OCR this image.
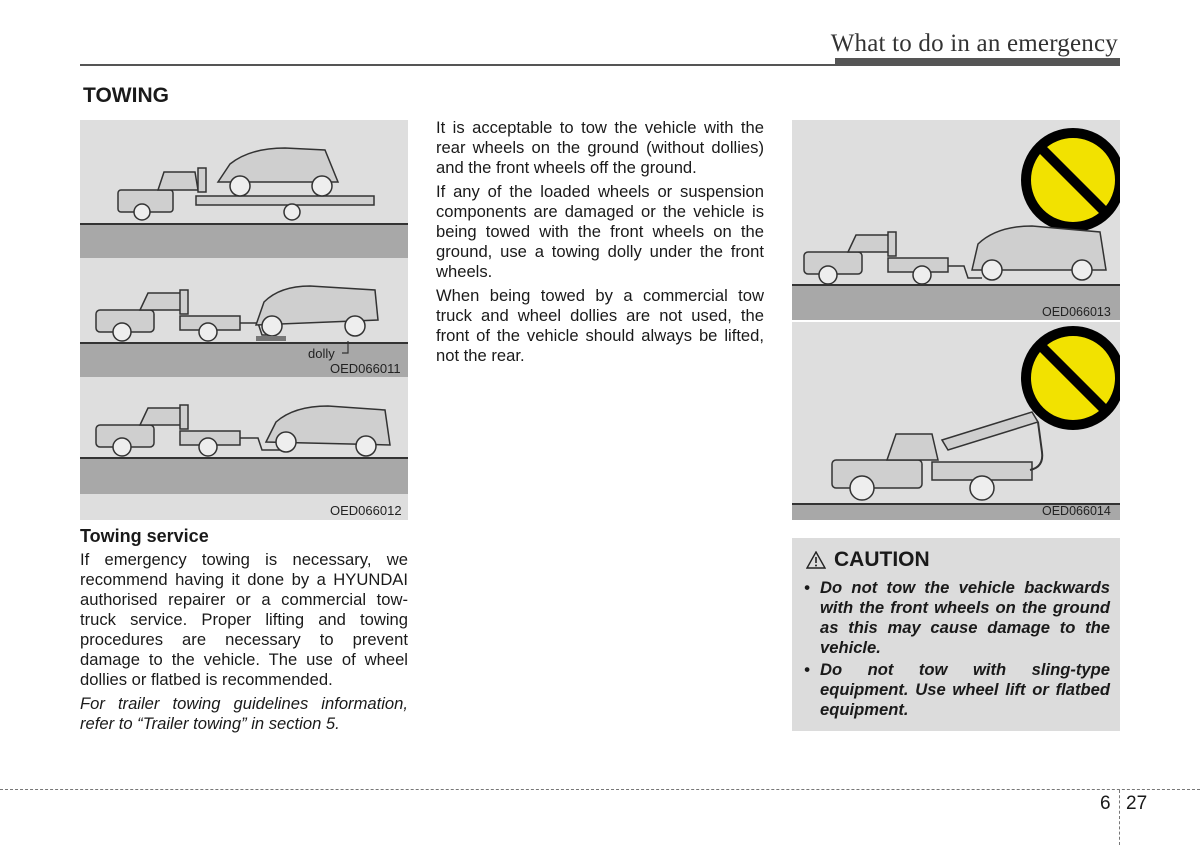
What to do in an emergency
TOWING
dolly
OED066011
OED066012

Towing service

If emergency towing is necessary, we recommend having it done by a HYUNDAI authorised repairer or a commercial tow-truck service. Proper lifting and towing procedures are necessary to prevent damage to the vehicle. The use of wheel dollies or flatbed is recommended.

For trailer towing guidelines information, refer to “Trailer towing” in section 5.

It is acceptable to tow the vehicle with the rear wheels on the ground (without dollies) and the front wheels off the ground.

If any of the loaded wheels or suspension components are damaged or the vehicle is being towed with the front wheels on the ground, use a towing dolly under the front wheels.

When being towed by a commercial tow truck and wheel dollies are not used, the front of the vehicle should always be lifted, not the rear.

OED066013
OED066014
CAUTION
• Do not tow the vehicle backwards with the front wheels on the ground as this may cause damage to the vehicle.
• Do not tow with sling-type equipment. Use wheel lift or flatbed equipment.
6 27
